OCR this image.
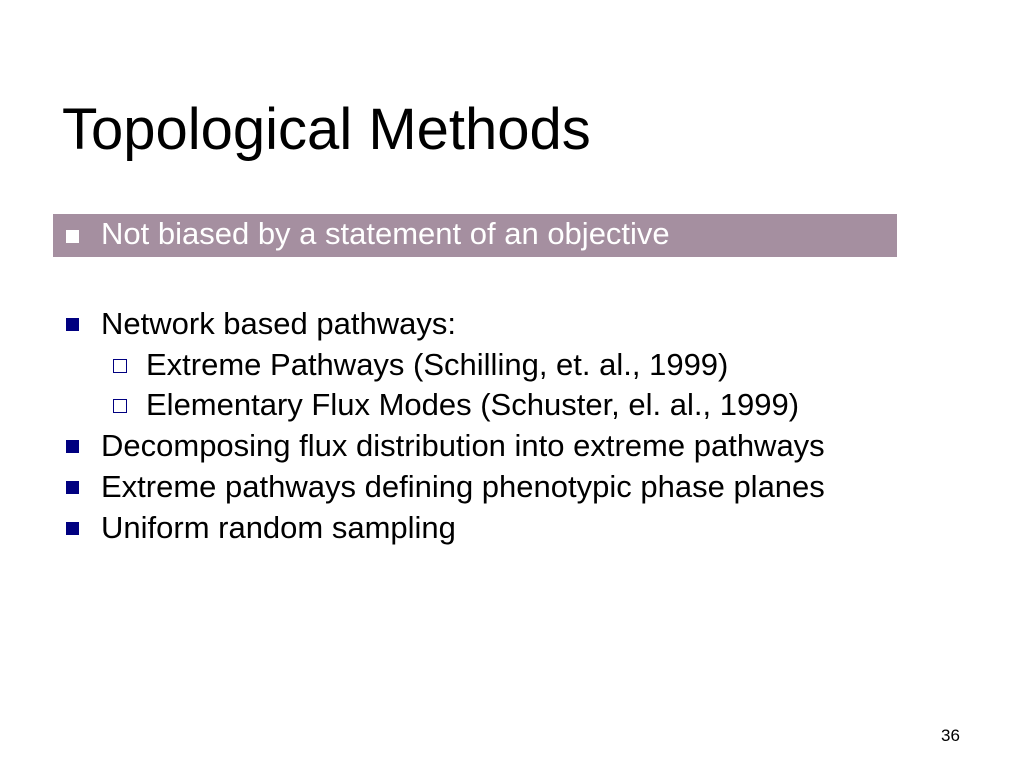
Topological Methods
Not biased by a statement of an objective
Network based pathways:
Extreme Pathways (Schilling, et. al., 1999)
Elementary Flux Modes (Schuster, el. al., 1999)
Decomposing flux distribution into extreme pathways
Extreme pathways defining phenotypic phase planes
Uniform random sampling
36
